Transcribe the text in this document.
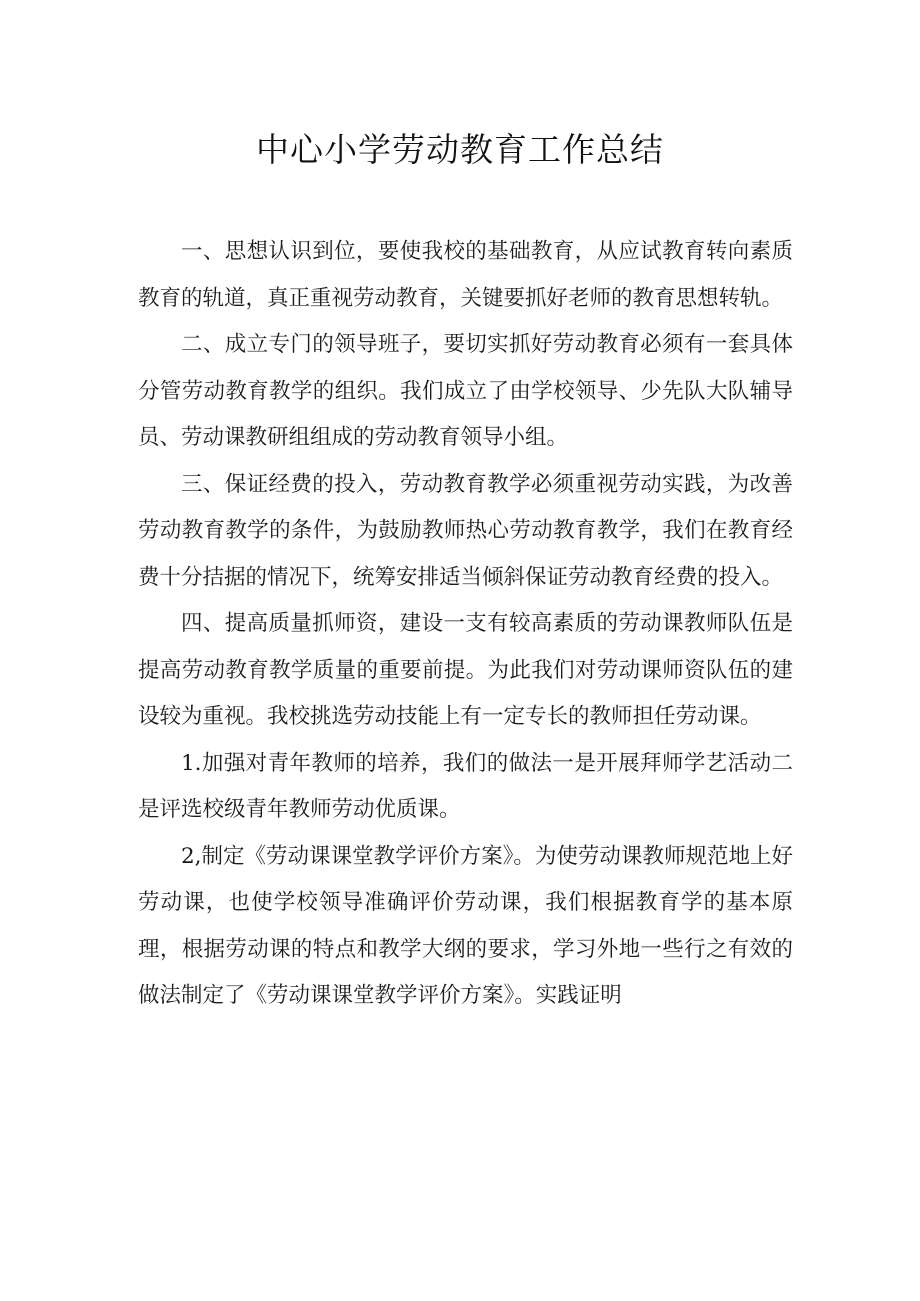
中心小学劳动教育工作总结

一、思想认识到位，要使我校的基础教育，从应试教育转向素质教育的轨道，真正重视劳动教育，关键要抓好老师的教育思想转轨。

二、成立专门的领导班子，要切实抓好劳动教育必须有一套具体分管劳动教育教学的组织。我们成立了由学校领导、少先队大队辅导员、劳动课教研组组成的劳动教育领导小组。

三、保证经费的投入，劳动教育教学必须重视劳动实践，为改善劳动教育教学的条件，为鼓励教师热心劳动教育教学，我们在教育经费十分拮据的情况下，统筹安排适当倾斜保证劳动教育经费的投入。

四、提高质量抓师资，建设一支有较高素质的劳动课教师队伍是提高劳动教育教学质量的重要前提。为此我们对劳动课师资队伍的建设较为重视。我校挑选劳动技能上有一定专长的教师担任劳动课。

1.加强对青年教师的培养，我们的做法一是开展拜师学艺活动二是评选校级青年教师劳动优质课。

2,制定《劳动课课堂教学评价方案》。为使劳动课教师规范地上好劳动课，也使学校领导准确评价劳动课，我们根据教育学的基本原理，根据劳动课的特点和教学大纲的要求，学习外地一些行之有效的做法制定了《劳动课课堂教学评价方案》。实践证明
